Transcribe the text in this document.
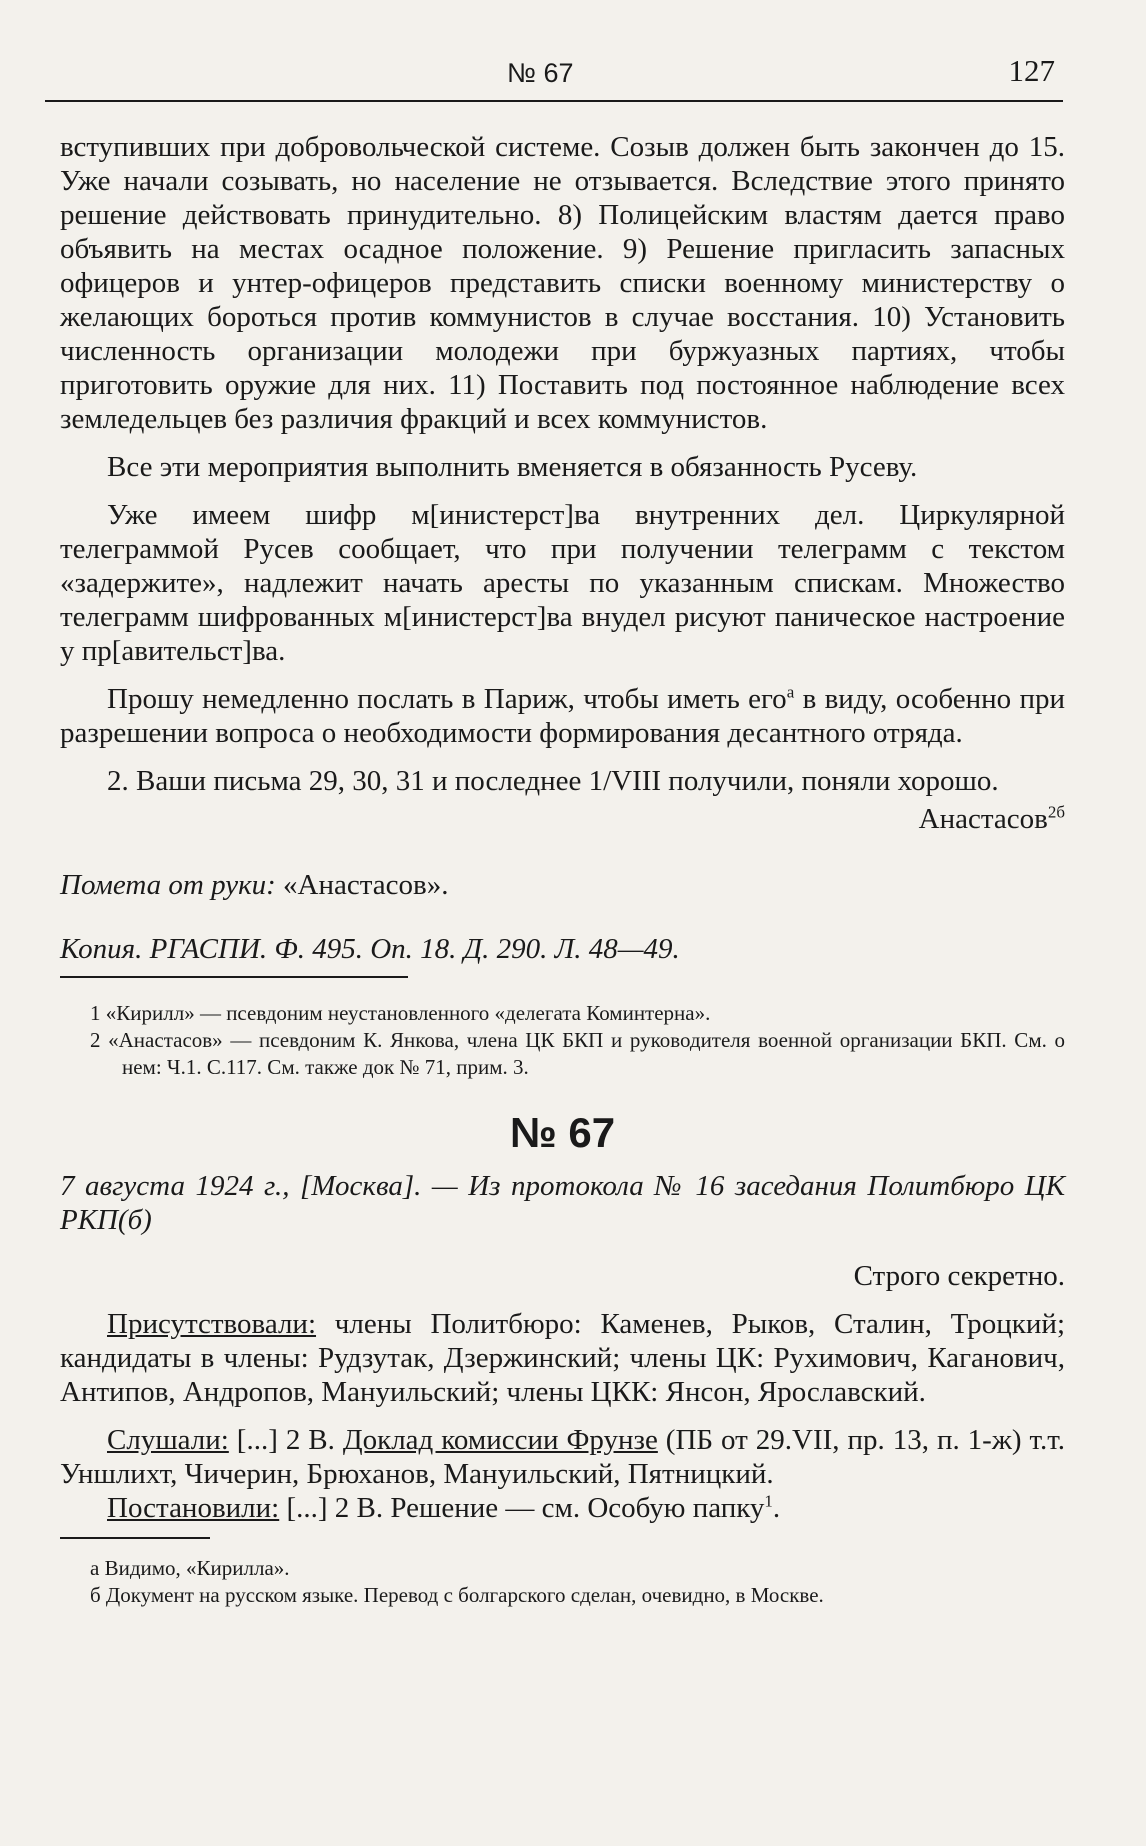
№ 67	127

вступивших при добровольческой системе. Созыв должен быть закончен до 15. Уже начали созывать, но население не отзывается. Вследствие этого принято решение действовать принудительно. 8) Полицейским властям дается право объявить на местах осадное положение. 9) Решение пригласить запасных офицеров и унтер-офицеров представить списки военному министерству о желающих бороться против коммунистов в случае восстания. 10) Установить численность организации молодежи при буржуазных партиях, чтобы приготовить оружие для них. 11) Поставить под постоянное наблюдение всех земледельцев без различия фракций и всех коммунистов.

Все эти мероприятия выполнить вменяется в обязанность Русеву.

Уже имеем шифр м[инистерст]ва внутренних дел. Циркулярной телеграммой Русев сообщает, что при получении телеграмм с текстом «задержите», надлежит начать аресты по указанным спискам. Множество телеграмм шифрованных м[инистерст]ва внудел рисуют паническое настроение у пр[авительст]ва.

Прошу немедленно послать в Париж, чтобы иметь его$^а$ в виду, особенно при разрешении вопроса о необходимости формирования десантного отряда.

2. Ваши письма 29, 30, 31 и последнее 1/VIII получили, поняли хорошо.

Анастасов$^{2б}$

Помета от руки: «Анастасов».

Копия. РГАСПИ. Ф. 495. Оп. 18. Д. 290. Л. 48—49.

1 «Кирилл» — псевдоним неустановленного «делегата Коминтерна».
2 «Анастасов» — псевдоним К. Янкова, члена ЦК БКП и руководителя военной организации БКП. См. о нем: Ч.1. С.117. См. также док № 71, прим. 3.
№ 67

7 августа 1924 г., [Москва]. — Из протокола № 16 заседания Политбюро ЦК РКП(б)

Строго секретно.

Присутствовали: члены Политбюро: Каменев, Рыков, Сталин, Троцкий; кандидаты в члены: Рудзутак, Дзержинский; члены ЦК: Рухимович, Каганович, Антипов, Андропов, Мануильский; члены ЦКК: Янсон, Ярославский.

Слушали: [...] 2 В. Доклад комиссии Фрунзе (ПБ от 29.VII, пр. 13, п. 1-ж) т.т. Уншлихт, Чичерин, Брюханов, Мануильский, Пятницкий.

Постановили: [...] 2 В. Решение — см. Особую папку$^1$.

а Видимо, «Кирилла».
б Документ на русском языке. Перевод с болгарского сделан, очевидно, в Москве.
